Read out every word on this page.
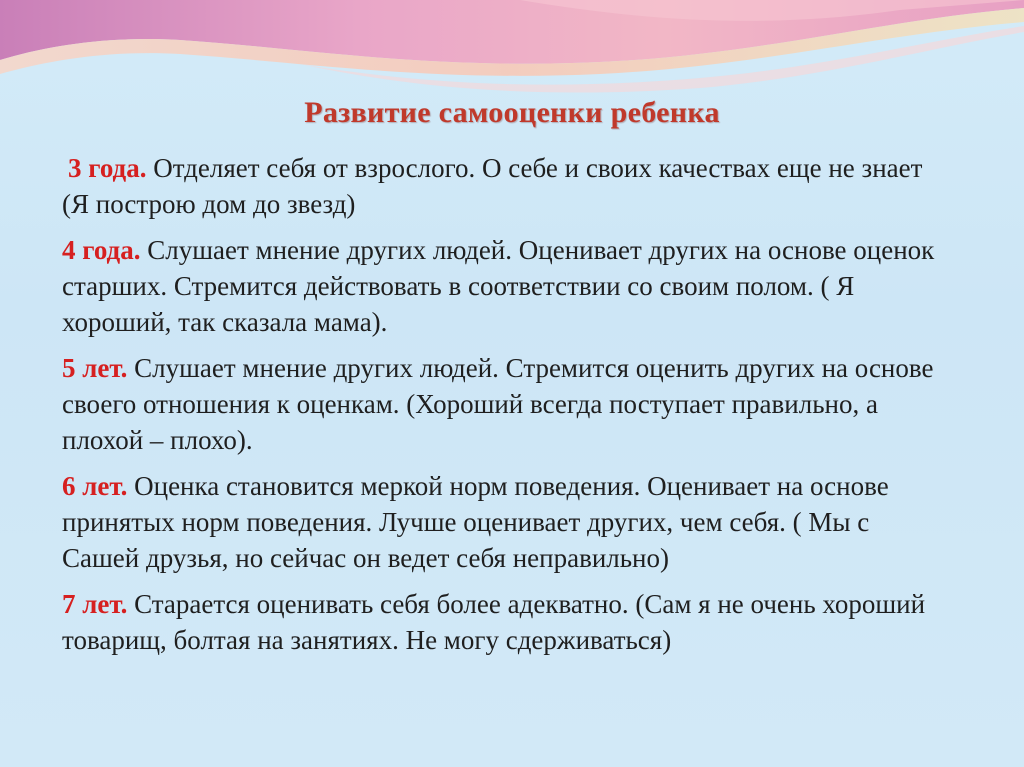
Развитие самооценки ребенка

3 года. Отделяет себя от взрослого. О себе и своих качествах еще не знает (Я построю дом до звезд)

4 года. Слушает мнение других людей. Оценивает других на основе оценок старших. Стремится действовать в соответствии со своим полом. ( Я хороший, так сказала мама).

5 лет. Слушает мнение других людей. Стремится оценить других на основе своего отношения к оценкам. (Хороший всегда поступает правильно, а плохой – плохо).

6 лет. Оценка становится меркой норм поведения. Оценивает на основе принятых норм поведения. Лучше оценивает других, чем себя. ( Мы с Сашей друзья, но сейчас он ведет себя неправильно)

7 лет. Старается оценивать себя более адекватно. (Сам я не очень хороший товарищ, болтая на занятиях. Не могу сдерживаться)
